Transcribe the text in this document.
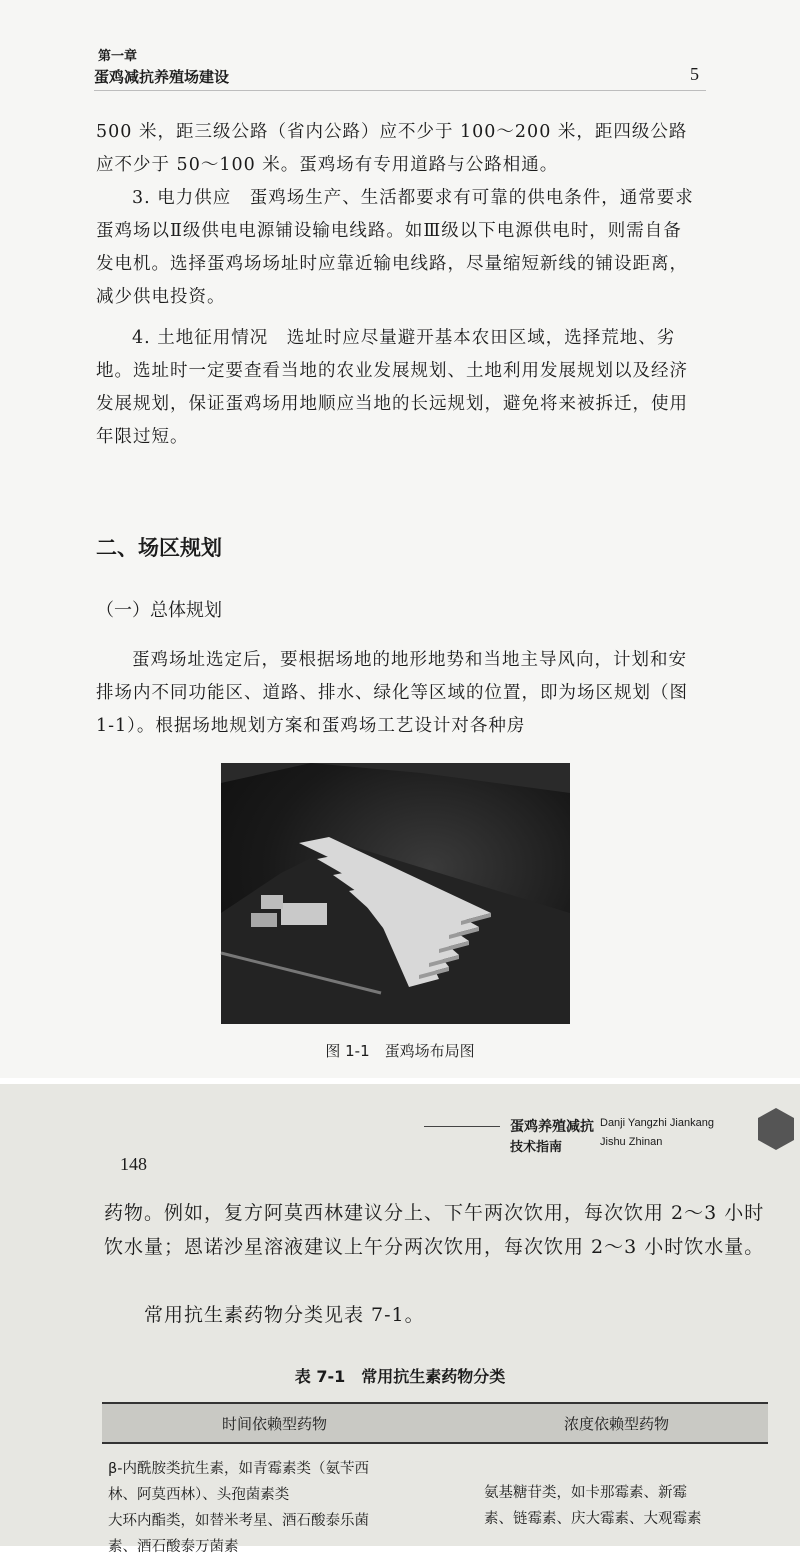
第一章
蛋鸡减抗养殖场建设	5

500 米，距三级公路（省内公路）应不少于 100～200 米，距四级公路应不少于 50～100 米。蛋鸡场有专用道路与公路相通。

3. 电力供应　蛋鸡场生产、生活都要求有可靠的供电条件，通常要求蛋鸡场以Ⅱ级供电电源铺设输电线路。如Ⅲ级以下电源供电时，则需自备发电机。选择蛋鸡场场址时应靠近输电线路，尽量缩短新线的铺设距离，减少供电投资。

4. 土地征用情况　选址时应尽量避开基本农田区域，选择荒地、劣地。选址时一定要查看当地的农业发展规划、土地利用发展规划以及经济发展规划，保证蛋鸡场用地顺应当地的长远规划，避免将来被拆迁，使用年限过短。

二、场区规划
（一）总体规划

蛋鸡场址选定后，要根据场地的地形地势和当地主导风向，计划和安排场内不同功能区、道路、排水、绿化等区域的位置，即为场区规划（图 1-1）。根据场地规划方案和蛋鸡场工艺设计对各种房

图 1-1　蛋鸡场布局图
蛋鸡养殖减抗
技术指南
Danji Yangzhi Jiankang
Jishu Zhinan
148

药物。例如，复方阿莫西林建议分上、下午两次饮用，每次饮用 2～3 小时饮水量；恩诺沙星溶液建议上午分两次饮用，每次饮用 2～3 小时饮水量。

常用抗生素药物分类见表 7-1。

表 7-1　常用抗生素药物分类
时间依赖型药物	浓度依赖型药物

β-内酰胺类抗生素，如青霉素类（氨苄西

林、阿莫西林）、头孢菌素类

大环内酯类，如替米考星、酒石酸泰乐菌

素、酒石酸泰万菌素

氨基糖苷类，如卡那霉素、新霉

素、链霉素、庆大霉素、大观霉素
